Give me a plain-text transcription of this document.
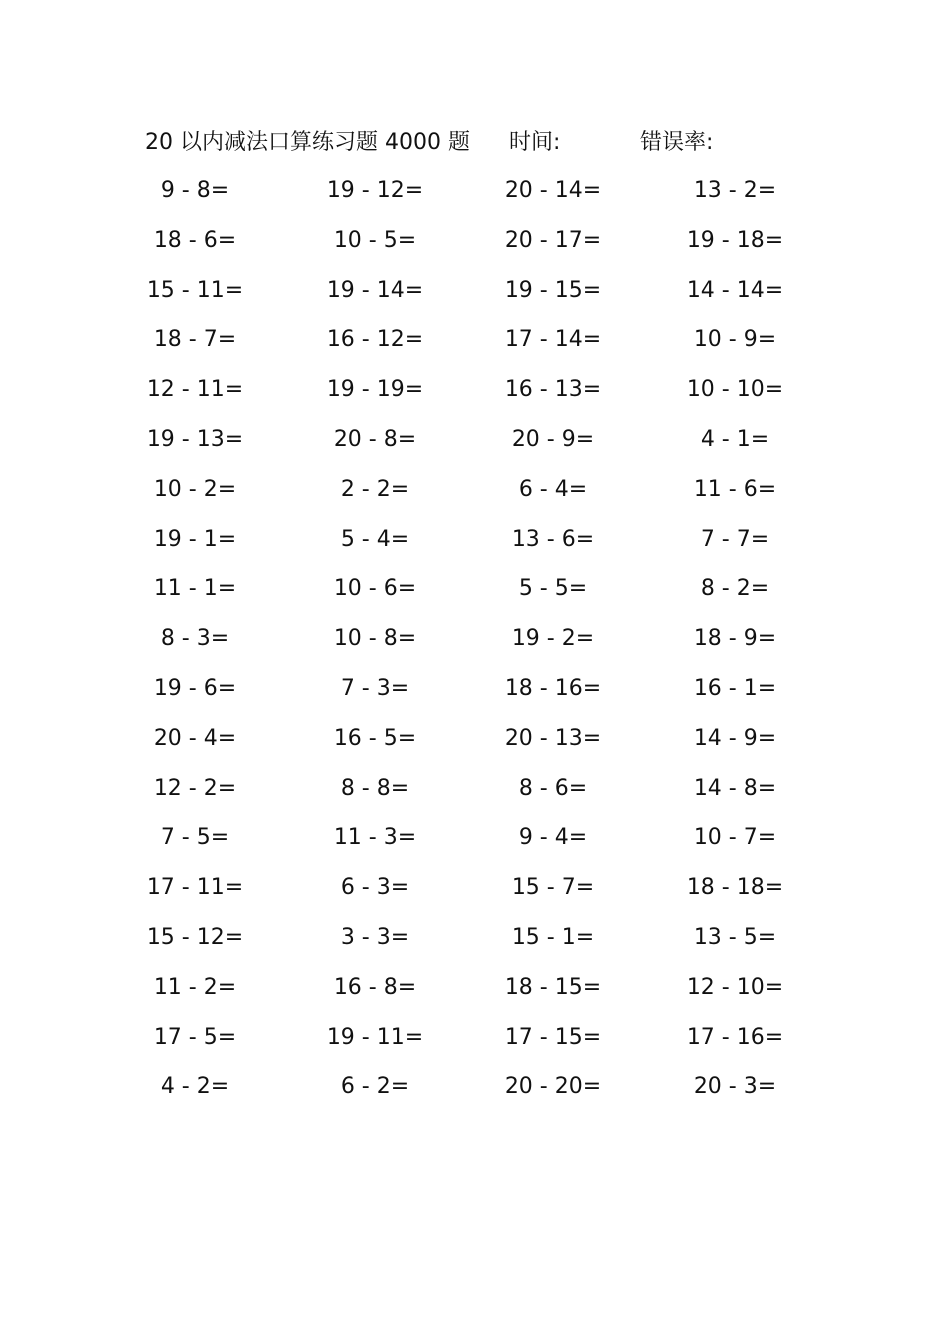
20 以内减法口算练习题 4000 题 时间:	错误率:
9 - 8=	19 - 12=	20 - 14=	13 - 2=
18 - 6=	10 - 5=	20 - 17=	19 - 18=
15 - 11=	19 - 14=	19 - 15=	14 - 14=
18 - 7=	16 - 12=	17 - 14=	10 - 9=
12 - 11=	19 - 19=	16 - 13=	10 - 10=
19 - 13=	20 - 8=	20 - 9=	4 - 1=
10 - 2=	2 - 2=	6 - 4=	11 - 6=
19 - 1=	5 - 4=	13 - 6=	7 - 7=
11 - 1=	10 - 6=	5 - 5=	8 - 2=
8 - 3=	10 - 8=	19 - 2=	18 - 9=
19 - 6=	7 - 3=	18 - 16=	16 - 1=
20 - 4=	16 - 5=	20 - 13=	14 - 9=
12 - 2=	8 - 8=	8 - 6=	14 - 8=
7 - 5=	11 - 3=	9 - 4=	10 - 7=
17 - 11=	6 - 3=	15 - 7=	18 - 18=
15 - 12=	3 - 3=	15 - 1=	13 - 5=
11 - 2=	16 - 8=	18 - 15=	12 - 10=
17 - 5=	19 - 11=	17 - 15=	17 - 16=
4 - 2=	6 - 2=	20 - 20=	20 - 3=
